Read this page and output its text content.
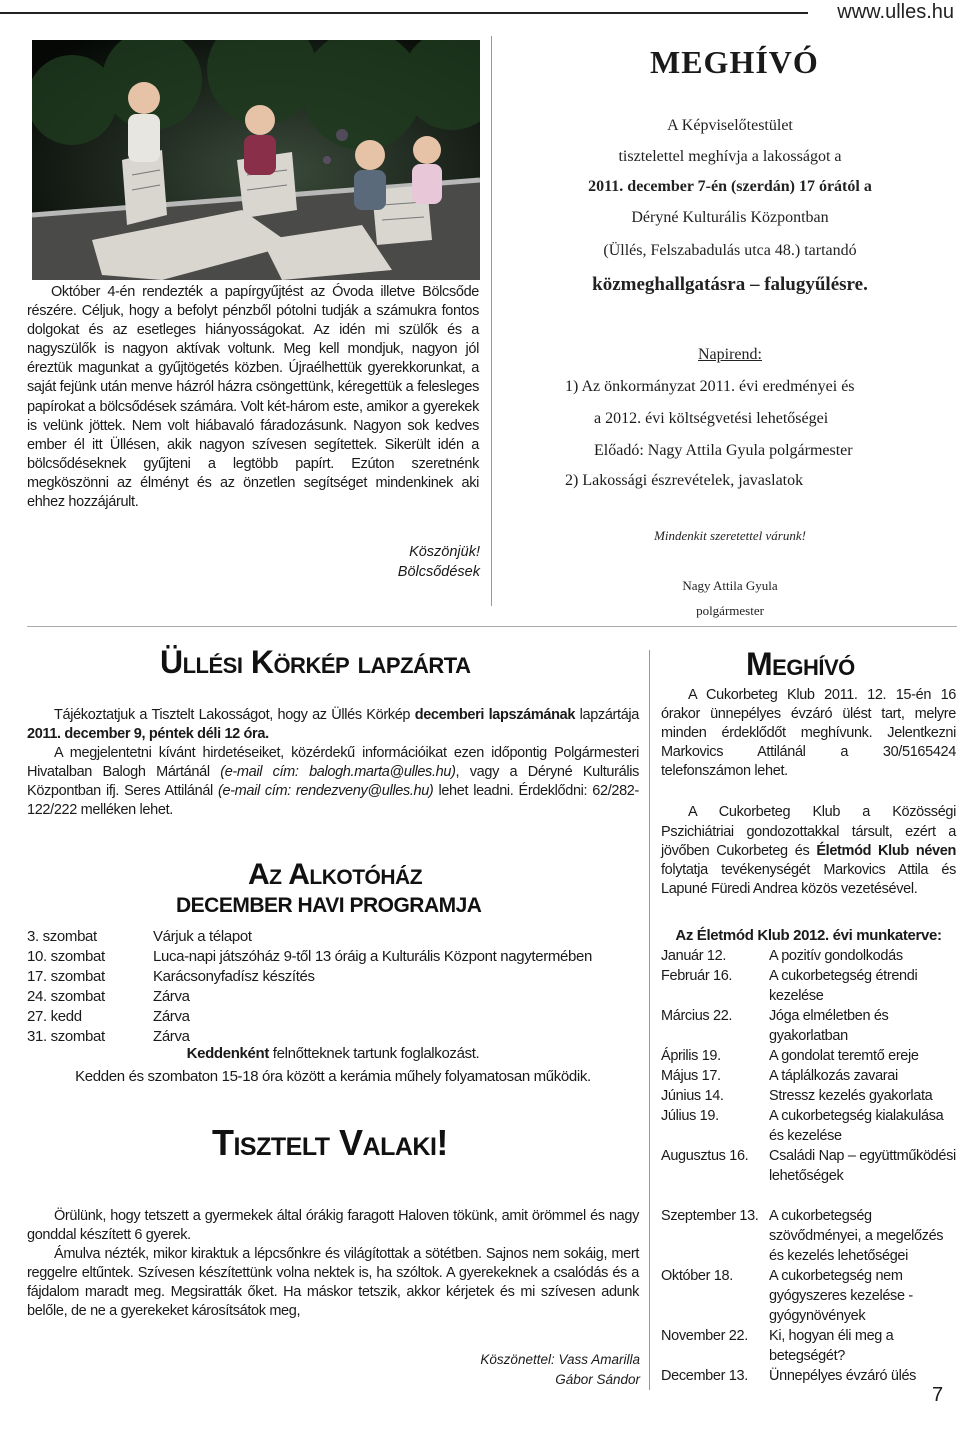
www.ulles.hu

Október 4-én rendezték a papírgyűjtést az Óvoda illetve Bölcsőde részére. Céljuk, hogy a befolyt pénzből pótolni tudják a számukra fontos dolgokat és az esetleges hiányosságokat. Az idén mi szülők és a nagyszülők is nagyon aktívak voltunk. Meg kell mondjuk, nagyon jól éreztük magunkat a gyűjtögetés közben. Újraélhettük gyerekkorunkat, a saját fejünk után menve házról házra csöngettünk, kéregettük a felesleges papírokat a bölcsődések számára. Volt két-három este, amikor a gyerekek is velünk jöttek. Nem volt hiábavaló fáradozásunk. Nagyon sok kedves ember él itt Üllésen, akik nagyon szívesen segítettek. Sikerült idén a bölcsődéseknek gyűjteni a legtöbb papírt. Ezúton szeretnénk megköszönni az élményt és az önzetlen segítséget mindenkinek aki ehhez hozzájárult.

Köszönjük!
Bölcsődések
MEGHÍVÓ
A Képviselőtestület
tisztelettel meghívja a lakosságot a
2011. december 7-én (szerdán) 17 órától a
Déryné Kulturális Központban
(Üllés, Felszabadulás utca 48.) tartandó
közmeghallgatásra – falugyűlésre.
Napirend:
1) Az önkormányzat 2011. évi eredményei és
a 2012. évi költségvetési lehetőségei
Előadó: Nagy Attila Gyula polgármester
2) Lakossági észrevételek, javaslatok
Mindenkit szeretettel várunk!
Nagy Attila Gyula
polgármester
Üllési Körkép lapzárta

Tájékoztatjuk a Tisztelt Lakosságot, hogy az Üllés Körkép decemberi lapszámának lapzártája 2011. december 9, péntek déli 12 óra.

A megjelentetni kívánt hirdetéseiket, közérdekű információikat ezen időpontig Polgármesteri Hivatalban Balogh Mártánál (e-mail cím: balogh.marta@ulles.hu), vagy a Déryné Kulturális Központban ifj. Seres Attilánál (e-mail cím: rendezveny@ulles.hu) lehet leadni. Érdeklődni: 62/282-122/222 melléken lehet.

Az Alkotóház
DECEMBER HAVI PROGRAMJA
3. szombat	Várjuk a télapot
10. szombat	Luca-napi játszóház 9-től 13 óráig a Kulturális Központ nagytermében
17. szombat	Karácsonyfadísz készítés
24. szombat	Zárva
27. kedd	Zárva
31. szombat	Zárva
Keddenként felnőtteknek tartunk foglalkozást.
Kedden és szombaton 15-18 óra között a kerámia műhely folyamatosan működik.
Tisztelt Valaki!

Örülünk, hogy tetszett a gyermekek által órákig faragott Haloven tökünk, amit örömmel és nagy gonddal készített 6 gyerek.

Ámulva nézték, mikor kiraktuk a lépcsőnkre és világítottak a sötétben. Sajnos nem sokáig, mert reggelre eltűntek. Szívesen készítettünk volna nektek is, ha szóltok. A gyerekeknek a csalódás és a fájdalom maradt meg. Megsiratták őket. Ha máskor tetszik, akkor kérjetek és mi szívesen adunk belőle, de ne a gyerekeket károsítsátok meg,

Köszönettel: Vass Amarilla
Gábor Sándor
Meghívó

A Cukorbeteg Klub 2011. 12. 15-én 16 órakor ünnepélyes évzáró ülést tart, melyre minden érdeklődőt meghívunk. Jelentkezni Markovics Attilánál a 30/5165424 telefonszámon lehet.

A Cukorbeteg Klub a Közösségi Pszichiátriai gondozottakkal társult, ezért a jövőben Cukorbeteg és Életmód Klub néven folytatja tevékenységét Markovics Attila és Lapuné Füredi Andrea közös vezetésével.

Az Életmód Klub 2012. évi munkaterve:
Január 12.	A pozitív gondolkodás
Február 16.	A cukorbetegség étrendi kezelése
Március 22.	Jóga elméletben és gyakorlatban
Április 19.	A gondolat teremtő ereje
Május 17.	A táplálkozás zavarai
Június 14.	Stressz kezelés gyakorlata
Július 19.	A cukorbetegség kialakulása és kezelése
Augusztus 16.	Családi Nap – együttműködési lehetőségek
Szeptember 13. A cukorbetegség szövődményei, a megelőzés és kezelés lehetőségei
Október 18.	A cukorbetegség nem gyógyszeres kezelése - gyógynövények
November 22.	Ki, hogyan éli meg a betegségét?
December 13.	Ünnepélyes évzáró ülés
7
